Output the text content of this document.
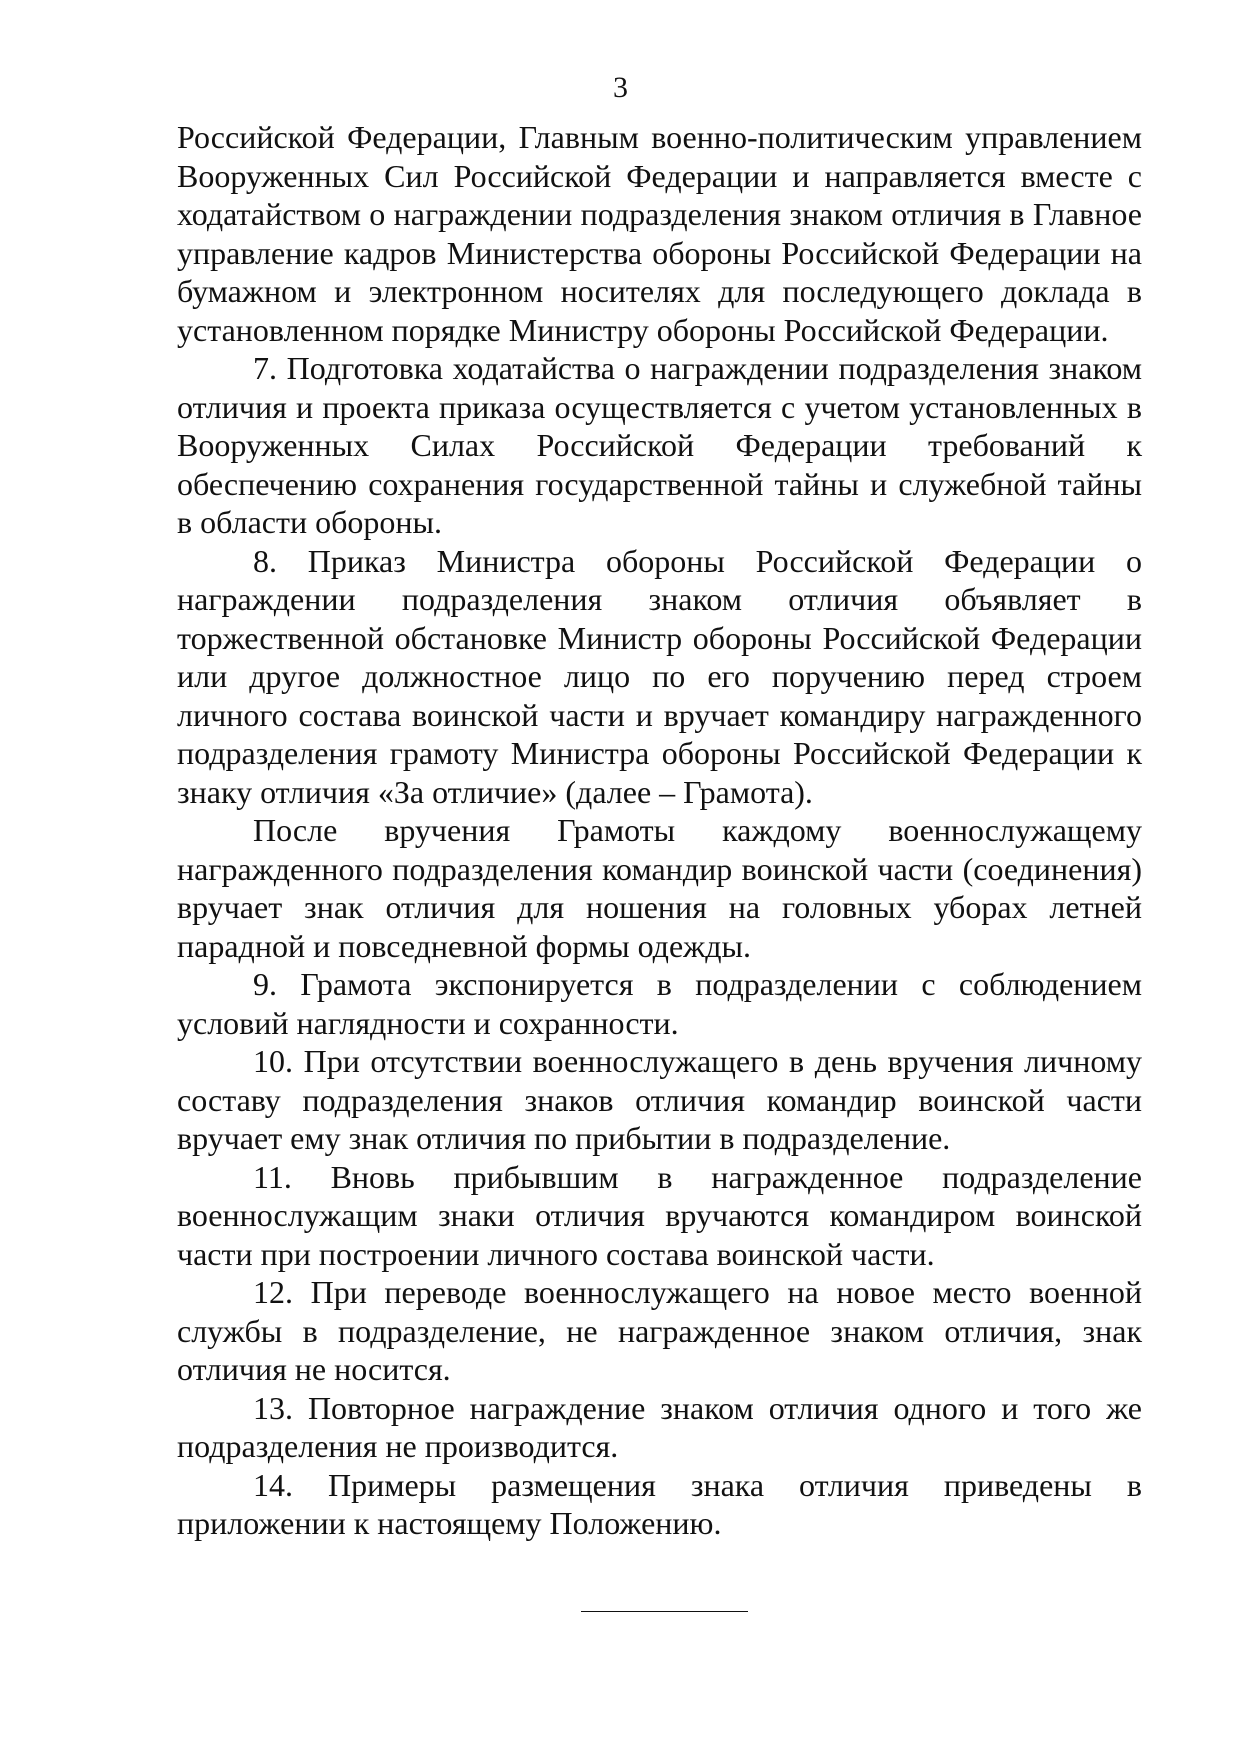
3

Российской Федерации, Главным военно-политическим управлением Вооруженных Сил Российской Федерации и направляется вместе с ходатайством о награждении подразделения знаком отличия в Главное управление кадров Министерства обороны Российской Федерации на бумажном и электронном носителях для последующего доклада в установленном порядке Министру обороны Российской Федерации.

7. Подготовка ходатайства о награждении подразделения знаком отличия и проекта приказа осуществляется с учетом установленных в Вооруженных Силах Российской Федерации требований к обеспечению сохранения государственной тайны и служебной тайны в области обороны.

8. Приказ Министра обороны Российской Федерации о награждении подразделения знаком отличия объявляет в торжественной обстановке Министр обороны Российской Федерации или другое должностное лицо по его поручению перед строем личного состава воинской части и вручает командиру награжденного подразделения грамоту Министра обороны Российской Федерации к знаку отличия «За отличие» (далее – Грамота).

После вручения Грамоты каждому военнослужащему награжденного подразделения командир воинской части (соединения) вручает знак отличия для ношения на головных уборах летней парадной и повседневной формы одежды.

9. Грамота экспонируется в подразделении с соблюдением условий наглядности и сохранности.

10. При отсутствии военнослужащего в день вручения личному составу подразделения знаков отличия командир воинской части вручает ему знак отличия по прибытии в подразделение.

11. Вновь прибывшим в награжденное подразделение военнослужащим знаки отличия вручаются командиром воинской части при построении личного состава воинской части.

12. При переводе военнослужащего на новое место военной службы в подразделение, не награжденное знаком отличия, знак отличия не носится.

13. Повторное награждение знаком отличия одного и того же подразделения не производится.

14. Примеры размещения знака отличия приведены в приложении к настоящему Положению.
